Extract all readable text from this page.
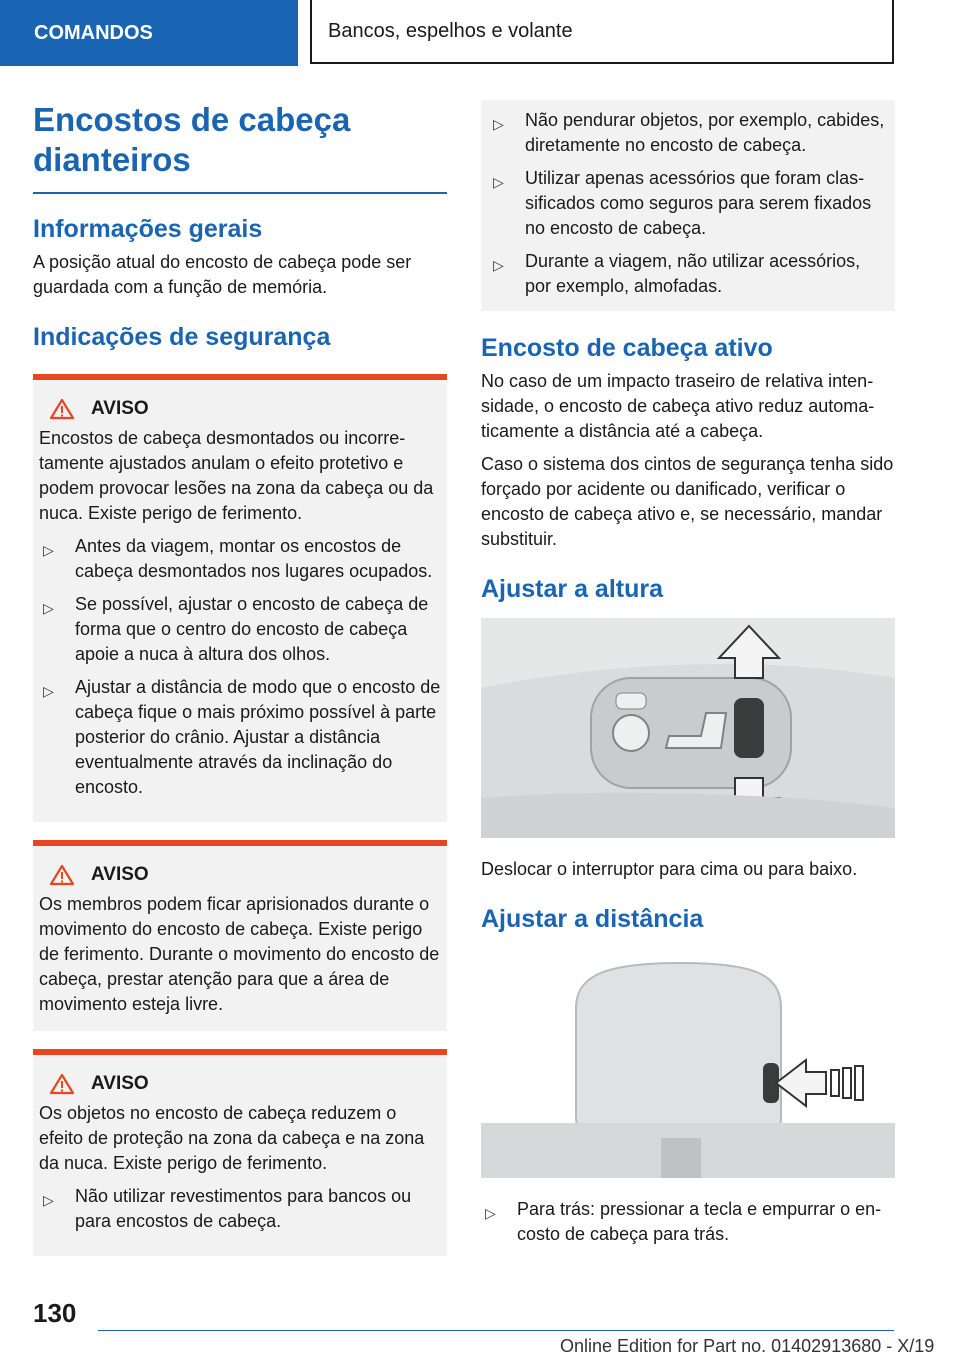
COMANDOS	Bancos, espelhos e volante
Encostos de cabeça dianteiros
Informações gerais

A posição atual do encosto de cabeça pode ser guardada com a função de memória.

Indicações de segurança
AVISO

Encostos de cabeça desmontados ou incorretamente ajustados anulam o efeito protetivo e podem provocar lesões na zona da cabeça ou da nuca. Existe perigo de ferimento.

▷ Antes da viagem, montar os encostos de cabeça desmontados nos lugares ocupados.
▷ Se possível, ajustar o encosto de cabeça de forma que o centro do encosto de cabeça apoie a nuca à altura dos olhos.
▷ Ajustar a distância de modo que o encosto de cabeça fique o mais próximo possível à parte posterior do crânio. Ajustar a distância eventualmente através da inclinação do encosto.
AVISO

Os membros podem ficar aprisionados durante o movimento do encosto de cabeça. Existe perigo de ferimento. Durante o movimento do encosto de cabeça, prestar atenção para que a área de movimento esteja livre.

AVISO

Os objetos no encosto de cabeça reduzem o efeito de proteção na zona da cabeça e na zona da nuca. Existe perigo de ferimento.

▷ Não utilizar revestimentos para bancos ou para encostos de cabeça.
▷ Não pendurar objetos, por exemplo, cabides, diretamente no encosto de cabeça.
▷ Utilizar apenas acessórios que foram classificados como seguros para serem fixados no encosto de cabeça.
▷ Durante a viagem, não utilizar acessórios, por exemplo, almofadas.
Encosto de cabeça ativo

No caso de um impacto traseiro de relativa intensidade, o encosto de cabeça ativo reduz automaticamente a distância até a cabeça.

Caso o sistema dos cintos de segurança tenha sido forçado por acidente ou danificado, verificar o encosto de cabeça ativo e, se necessário, mandar substituir.

Ajustar a altura

Deslocar o interruptor para cima ou para baixo.

Ajustar a distância
▷ Para trás: pressionar a tecla e empurrar o encosto de cabeça para trás.
130
Online Edition for Part no. 01402913680 - X/19
